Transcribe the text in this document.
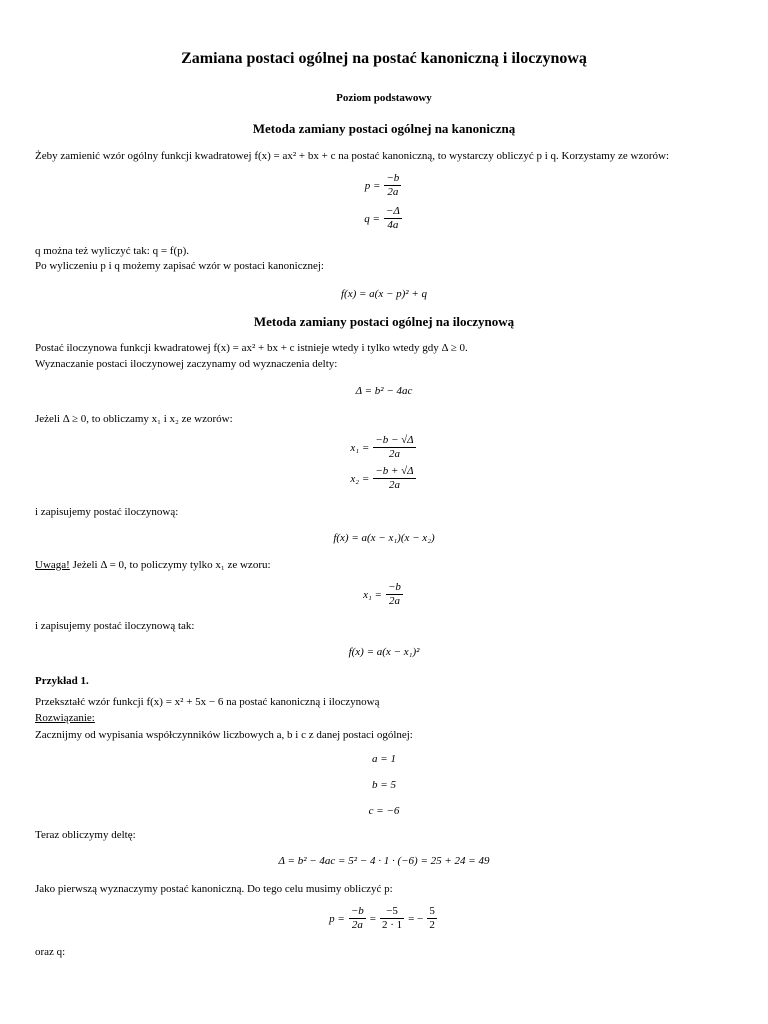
Zamiana postaci ogólnej na postać kanoniczną i iloczynową
Poziom podstawowy
Metoda zamiany postaci ogólnej na kanoniczną
Żeby zamienić wzór ogólny funkcji kwadratowej f(x) = ax² + bx + c na postać kanoniczną, to wystarczy obliczyć p i q. Korzystamy ze wzorów:
$p = \frac{-b}{2a}$
$q = \frac{-\Delta}{4a}$
q można też wyliczyć tak: q = f(p).
Po wyliczeniu p i q możemy zapisać wzór w postaci kanonicznej:
f(x) = a(x − p)² + q
Metoda zamiany postaci ogólnej na iloczynową
Postać iloczynowa funkcji kwadratowej f(x) = ax² + bx + c istnieje wtedy i tylko wtedy gdy Δ ≥ 0.
Wyznaczanie postaci iloczynowej zaczynamy od wyznaczenia delty:
Δ = b² − 4ac
Jeżeli Δ ≥ 0, to obliczamy x₁ i x₂ ze wzorów:
$x_1 = \frac{-b - √\Delta}{2a}$
$x_2 = \frac{-b + √\Delta}{2a}$
i zapisujemy postać iloczynową:
f(x) = a(x − x₁)(x − x₂)
Uwaga! Jeżeli Δ = 0, to policzymy tylko x₁ ze wzoru:
$x_1 = \frac{-b}{2a}$
i zapisujemy postać iloczynową tak:
f(x) = a(x − x₁)²
Przykład 1.
Przekształć wzór funkcji f(x) = x² + 5x − 6 na postać kanoniczną i iloczynową
Rozwiązanie:
Zacznijmy od wypisania współczynników liczbowych a, b i c z danej postaci ogólnej:
a = 1
b = 5
c = −6
Teraz obliczymy deltę:
Δ = b² − 4ac = 5² − 4 · 1 · (−6) = 25 + 24 = 49
Jako pierwszą wyznaczymy postać kanoniczną. Do tego celu musimy obliczyć p:
$p = \frac{-b}{2a} = \frac{-5}{2 \cdot 1}$ = − $\frac{5}{2}$
oraz q:
